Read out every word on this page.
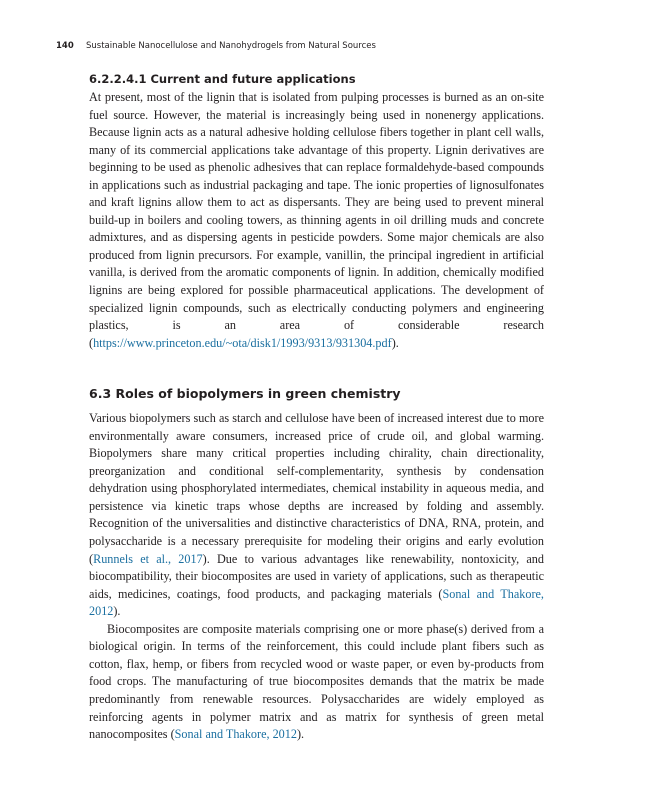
140 Sustainable Nanocellulose and Nanohydrogels from Natural Sources
6.2.2.4.1 Current and future applications

At present, most of the lignin that is isolated from pulping processes is burned as an on-site fuel source. However, the material is increasingly being used in nonenergy applications. Because lignin acts as a natural adhesive holding cellulose fibers together in plant cell walls, many of its commercial applications take advantage of this property. Lignin derivatives are beginning to be used as phenolic adhesives that can replace formaldehyde-based compounds in applications such as industrial packaging and tape. The ionic properties of lignosulfonates and kraft lignins allow them to act as dispersants. They are being used to prevent mineral build-up in boilers and cooling towers, as thinning agents in oil drilling muds and concrete admixtures, and as dispersing agents in pesticide powders. Some major chemicals are also produced from lignin precursors. For example, vanillin, the principal ingredient in artificial vanilla, is derived from the aromatic components of lignin. In addition, chemically modified lignins are being explored for possible pharmaceutical applications. The development of specialized lignin compounds, such as electrically conducting polymers and engineering plastics, is an area of considerable research (https://www.princeton.edu/~ota/disk1/1993/9313/931304.pdf).

6.3 Roles of biopolymers in green chemistry

Various biopolymers such as starch and cellulose have been of increased interest due to more environmentally aware consumers, increased price of crude oil, and global warming. Biopolymers share many critical properties including chirality, chain directionality, preorganization and conditional self-complementarity, synthesis by condensation dehydration using phosphorylated intermediates, chemical instability in aqueous media, and persistence via kinetic traps whose depths are increased by folding and assembly. Recognition of the universalities and distinctive characteristics of DNA, RNA, protein, and polysaccharide is a necessary prerequisite for modeling their origins and early evolution (Runnels et al., 2017). Due to various advantages like renewability, nontoxicity, and biocompatibility, their biocomposites are used in variety of applications, such as therapeutic aids, medicines, coatings, food products, and packaging materials (Sonal and Thakore, 2012).

Biocomposites are composite materials comprising one or more phase(s) derived from a biological origin. In terms of the reinforcement, this could include plant fibers such as cotton, flax, hemp, or fibers from recycled wood or waste paper, or even by-products from food crops. The manufacturing of true biocomposites demands that the matrix be made predominantly from renewable resources. Polysaccharides are widely employed as reinforcing agents in polymer matrix and as matrix for synthesis of green metal nanocomposites (Sonal and Thakore, 2012).
